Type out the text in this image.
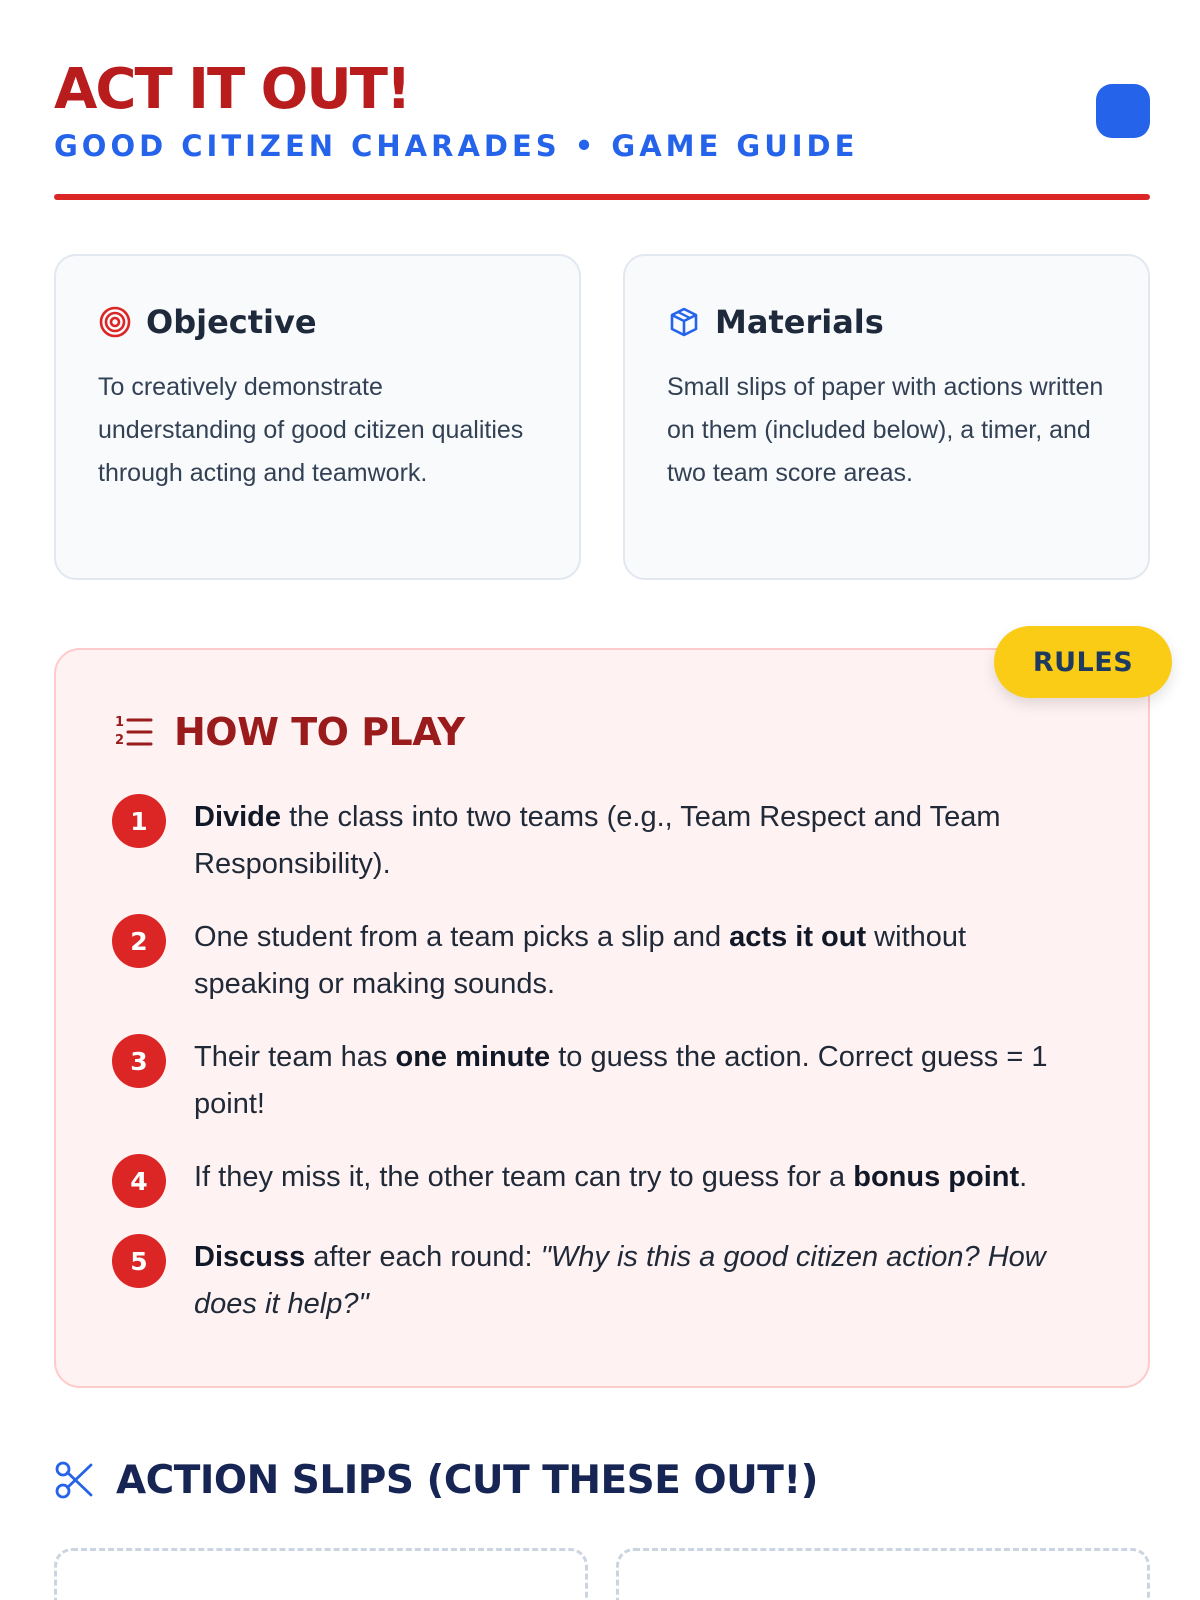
ACT IT OUT!
GOOD CITIZEN CHARADES • GAME GUIDE
Objective

To creatively demonstrate understanding of good citizen qualities through acting and teamwork.

Materials

Small slips of paper with actions written on them (included below), a timer, and two team score areas.

RULES
1
2 HOW TO PLAY
1	Divide the class into two teams (e.g., Team Respect and Team Responsibility).
2	One student from a team picks a slip and acts it out without speaking or making sounds.
3	Their team has one minute to guess the action. Correct guess = 1 point!
4	If they miss it, the other team can try to guess for a bonus point.
5	Discuss after each round: "Why is this a good citizen action? How does it help?"
ACTION SLIPS (CUT THESE OUT!)
